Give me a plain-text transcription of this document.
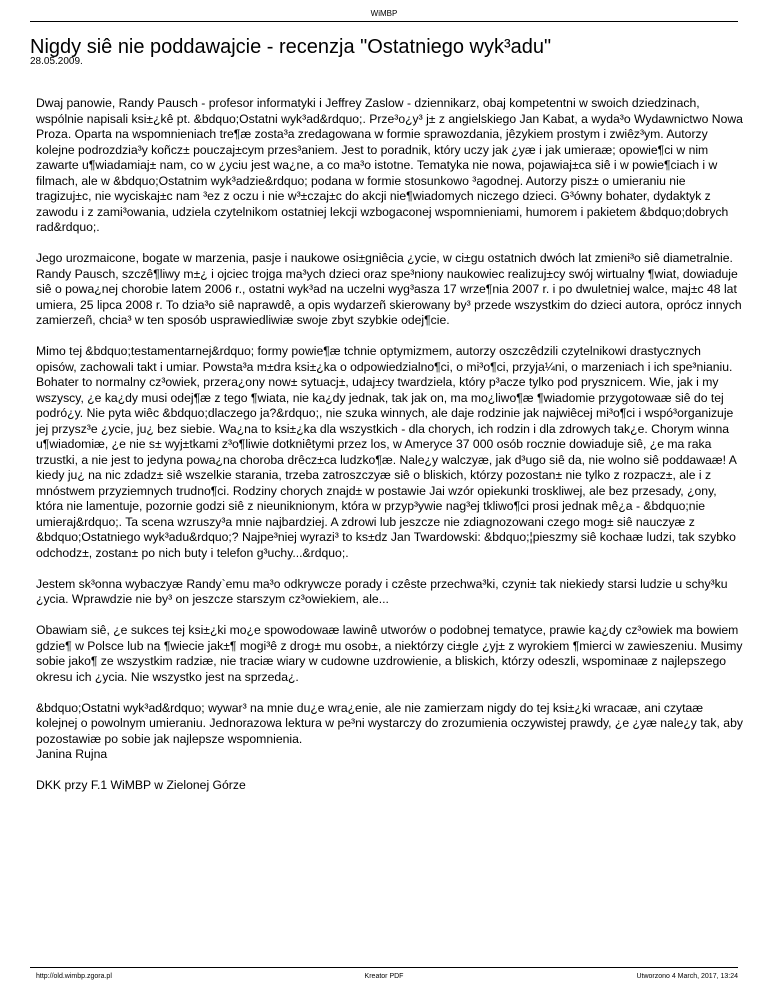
WiMBP
Nigdy siê nie poddawajcie - recenzja "Ostatniego wyk³adu"
28.05.2009.

Dwaj panowie, Randy Pausch - profesor informatyki i Jeffrey Zaslow - dziennikarz, obaj kompetentni w swoich dziedzinach, wspólnie napisali ksi±¿kê pt. &bdquo;Ostatni wyk³ad&rdquo;. Prze³o¿y³ j± z angielskiego Jan Kabat, a wyda³o Wydawnictwo Nowa Proza. Oparta na wspomnieniach tre¶æ zosta³a zredagowana w formie sprawozdania, jêzykiem prostym i zwiêz³ym. Autorzy kolejne podrozdzia³y koñcz± pouczaj±cym przes³aniem. Jest to poradnik, który uczy jak ¿yæ i jak umieraæ; opowie¶ci w nim zawarte u¶wiadamiaj± nam, co w ¿yciu jest wa¿ne, a co ma³o istotne. Tematyka nie nowa, pojawiaj±ca siê i w powie¶ciach i w filmach, ale w &bdquo;Ostatnim wyk³adzie&rdquo; podana w formie stosunkowo ³agodnej. Autorzy pisz± o umieraniu nie tragizuj±c, nie wyciskaj±c nam ³ez z oczu i nie w³±czaj±c do akcji nie¶wiadomych niczego dzieci. G³ówny bohater, dydaktyk z zawodu i z zami³owania, udziela czytelnikom ostatniej lekcji wzbogaconej wspomnieniami, humorem i pakietem &bdquo;dobrych rad&rdquo;.

Jego urozmaicone, bogate w marzenia, pasje i naukowe osi±gniêcia ¿ycie, w ci±gu ostatnich dwóch lat zmieni³o siê diametralnie. Randy Pausch, szczê¶liwy m±¿ i ojciec trojga ma³ych dzieci oraz spe³niony naukowiec realizuj±cy swój wirtualny ¶wiat, dowiaduje siê o powa¿nej chorobie latem 2006 r., ostatni wyk³ad na uczelni wyg³asza 17 wrze¶nia 2007 r. i po dwuletniej walce, maj±c 48 lat umiera, 25 lipca 2008 r. To dzia³o siê naprawdê, a opis wydarzeñ skierowany by³ przede wszystkim do dzieci autora, oprócz innych zamierzeñ, chcia³ w ten sposób usprawiedliwiæ swoje zbyt szybkie odej¶cie.

Mimo tej &bdquo;testamentarnej&rdquo; formy powie¶æ tchnie optymizmem, autorzy oszczêdzili czytelnikowi drastycznych opisów, zachowali takt i umiar. Powsta³a m±dra ksi±¿ka o odpowiedzialno¶ci, o mi³o¶ci, przyja¼ni, o marzeniach i ich spe³nianiu. Bohater to normalny cz³owiek, przera¿ony now± sytuacj±, udaj±cy twardziela, który p³acze tylko pod prysznicem. Wie, jak i my wszyscy, ¿e ka¿dy musi odej¶æ z tego ¶wiata, nie ka¿dy jednak, tak jak on, ma mo¿liwo¶æ ¶wiadomie przygotowaæ siê do tej podró¿y. Nie pyta wiêc &bdquo;dlaczego ja?&rdquo;, nie szuka winnych, ale daje rodzinie jak najwiêcej mi³o¶ci i wspó³organizuje jej przysz³e ¿ycie, ju¿ bez siebie. Wa¿na to ksi±¿ka dla wszystkich - dla chorych, ich rodzin i dla zdrowych tak¿e. Chorym winna u¶wiadomiæ, ¿e nie s± wyj±tkami z³o¶liwie dotkniêtymi przez los, w Ameryce 37 000 osób rocznie dowiaduje siê, ¿e ma raka trzustki, a nie jest to jedyna powa¿na choroba drêcz±ca ludzko¶æ. Nale¿y walczyæ, jak d³ugo siê da, nie wolno siê poddawaæ! A kiedy ju¿ na nic zdadz± siê wszelkie starania, trzeba zatroszczyæ siê o bliskich, którzy pozostan± nie tylko z rozpacz±, ale i z mnóstwem przyziemnych trudno¶ci. Rodziny chorych znajd± w postawie Jai wzór opiekunki troskliwej, ale bez przesady, ¿ony, która nie lamentuje, pozornie godzi siê z nieuniknionym, która w przyp³ywie nag³ej tkliwo¶ci prosi jednak mê¿a - &bdquo;nie umieraj&rdquo;. Ta scena wzruszy³a mnie najbardziej. A zdrowi lub jeszcze nie zdiagnozowani czego mog± siê nauczyæ z &bdquo;Ostatniego wyk³adu&rdquo;? Najpe³niej wyrazi³ to ks±dz Jan Twardowski: &bdquo;¦pieszmy siê kochaæ ludzi, tak szybko odchodz±, zostan± po nich buty i telefon g³uchy...&rdquo;.

Jestem sk³onna wybaczyæ Randy`emu ma³o odkrywcze porady i czêste przechwa³ki, czyni± tak niekiedy starsi ludzie u schy³ku ¿ycia. Wprawdzie nie by³ on jeszcze starszym cz³owiekiem, ale...

Obawiam siê, ¿e sukces tej ksi±¿ki mo¿e spowodowaæ lawinê utworów o podobnej tematyce, prawie ka¿dy cz³owiek ma bowiem gdzie¶ w Polsce lub na ¶wiecie jak±¶ mogi³ê z drog± mu osob±, a niektórzy ci±gle ¿yj± z wyrokiem ¶mierci w zawieszeniu. Musimy sobie jako¶ ze wszystkim radziæ, nie traciæ wiary w cudowne uzdrowienie, a bliskich, którzy odeszli, wspominaæ z najlepszego okresu ich ¿ycia. Nie wszystko jest na sprzeda¿.

&bdquo;Ostatni wyk³ad&rdquo; wywar³ na mnie du¿e wra¿enie, ale nie zamierzam nigdy do tej ksi±¿ki wracaæ, ani czytaæ kolejnej o powolnym umieraniu. Jednorazowa lektura w pe³ni wystarczy do zrozumienia oczywistej prawdy, ¿e ¿yæ nale¿y tak, aby pozostawiæ po sobie jak najlepsze wspomnienia.
Janina Rujna

DKK przy F.1 WiMBP w Zielonej Górze

http://old.wimbp.zgora.pl	Kreator PDF	Utworzono 4 March, 2017, 13:24
